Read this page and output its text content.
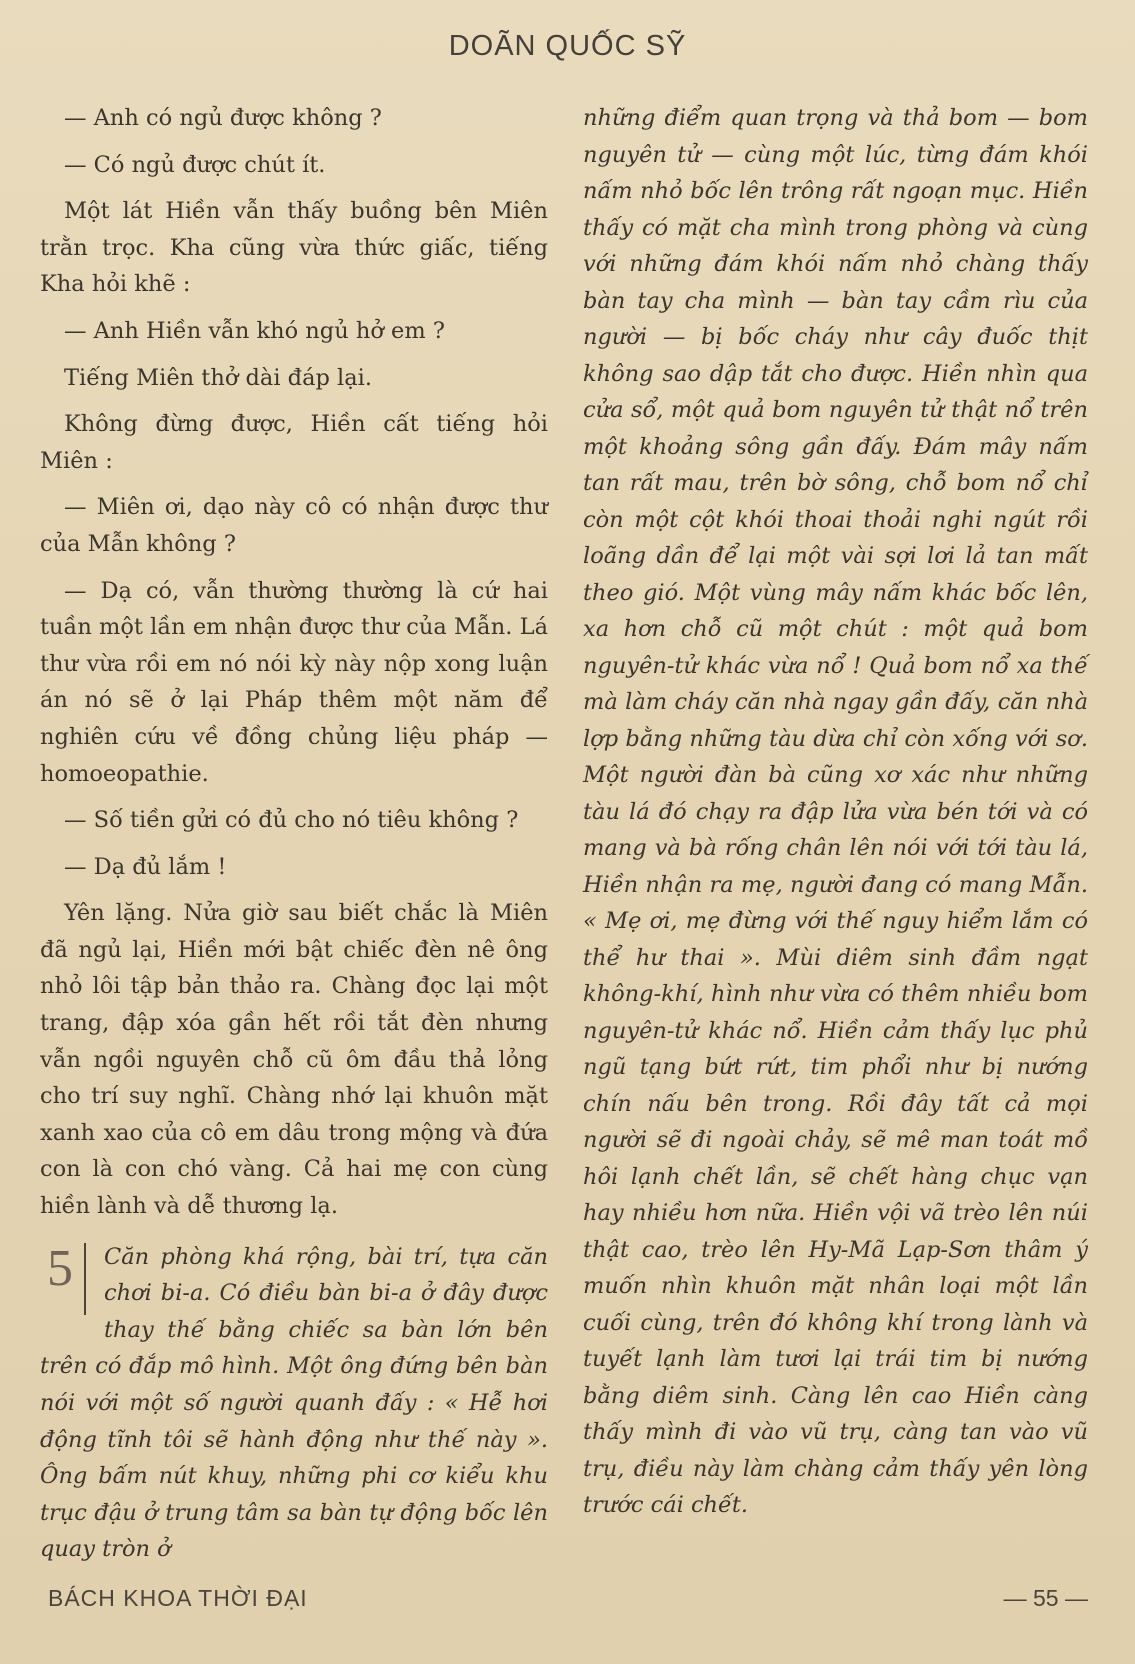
DOÃN QUỐC SỸ

— Anh có ngủ được không ?

— Có ngủ được chút ít.

Một lát Hiền vẫn thấy buồng bên Miên trằn trọc. Kha cũng vừa thức giấc, tiếng Kha hỏi khẽ :

— Anh Hiền vẫn khó ngủ hở em ?

Tiếng Miên thở dài đáp lại.

Không đừng được, Hiền cất tiếng hỏi Miên :

— Miên ơi, dạo này cô có nhận được thư của Mẫn không ?

— Dạ có, vẫn thường thường là cứ hai tuần một lần em nhận được thư của Mẫn. Lá thư vừa rồi em nó nói kỳ này nộp xong luận án nó sẽ ở lại Pháp thêm một năm để nghiên cứu về đồng chủng liệu pháp — homoeopathie.

— Số tiền gửi có đủ cho nó tiêu không ?

— Dạ đủ lắm !

Yên lặng. Nửa giờ sau biết chắc là Miên đã ngủ lại, Hiền mới bật chiếc đèn nê ông nhỏ lôi tập bản thảo ra. Chàng đọc lại một trang, đập xóa gần hết rồi tắt đèn nhưng vẫn ngồi nguyên chỗ cũ ôm đầu thả lỏng cho trí suy nghĩ. Chàng nhớ lại khuôn mặt xanh xao của cô em dâu trong mộng và đứa con là con chó vàng. Cả hai mẹ con cùng hiền lành và dễ thương lạ.

5	Căn phòng khá rộng, bài trí, tựa căn chơi bi-a. Có điều bàn bi-a ở đây được thay thế bằng chiếc sa bàn lớn bên trên có đắp mô hình. Một ông đứng bên bàn nói với một số người quanh đấy : « Hễ hơi động tĩnh tôi sẽ hành động như thế này ». Ông bấm nút khuy, những phi cơ kiểu khu trục đậu ở trung tâm sa bàn tự động bốc lên quay tròn ở

những điểm quan trọng và thả bom — bom nguyên tử — cùng một lúc, từng đám khói nấm nhỏ bốc lên trông rất ngoạn mục. Hiền thấy có mặt cha mình trong phòng và cùng với những đám khói nấm nhỏ chàng thấy bàn tay cha mình — bàn tay cầm rìu của người — bị bốc cháy như cây đuốc thịt không sao dập tắt cho được. Hiền nhìn qua cửa sổ, một quả bom nguyên tử thật nổ trên một khoảng sông gần đấy. Đám mây nấm tan rất mau, trên bờ sông, chỗ bom nổ chỉ còn một cột khói thoai thoải nghi ngút rồi loãng dần để lại một vài sợi lơi lả tan mất theo gió. Một vùng mây nấm khác bốc lên, xa hơn chỗ cũ một chút : một quả bom nguyên-tử khác vừa nổ ! Quả bom nổ xa thế mà làm cháy căn nhà ngay gần đấy, căn nhà lợp bằng những tàu dừa chỉ còn xống với sơ. Một người đàn bà cũng xơ xác như những tàu lá đó chạy ra đập lửa vừa bén tới và có mang và bà rống chân lên nói với tới tàu lá, Hiền nhận ra mẹ, người đang có mang Mẫn. « Mẹ ơi, mẹ đừng với thế nguy hiểm lắm có thể hư thai ». Mùi diêm sinh đầm ngạt không-khí, hình như vừa có thêm nhiều bom nguyên-tử khác nổ. Hiền cảm thấy lục phủ ngũ tạng bứt rứt, tim phổi như bị nướng chín nấu bên trong. Rồi đây tất cả mọi người sẽ đi ngoài chảy, sẽ mê man toát mồ hôi lạnh chết lần, sẽ chết hàng chục vạn hay nhiều hơn nữa. Hiền vội vã trèo lên núi thật cao, trèo lên Hy-Mã Lạp-Sơn thâm ý muốn nhìn khuôn mặt nhân loại một lần cuối cùng, trên đó không khí trong lành và tuyết lạnh làm tươi lại trái tim bị nướng bằng diêm sinh. Càng lên cao Hiền càng thấy mình đi vào vũ trụ, càng tan vào vũ trụ, điều này làm chàng cảm thấy yên lòng trước cái chết.

BÁCH KHOA THỜI ĐẠI	— 55 —
